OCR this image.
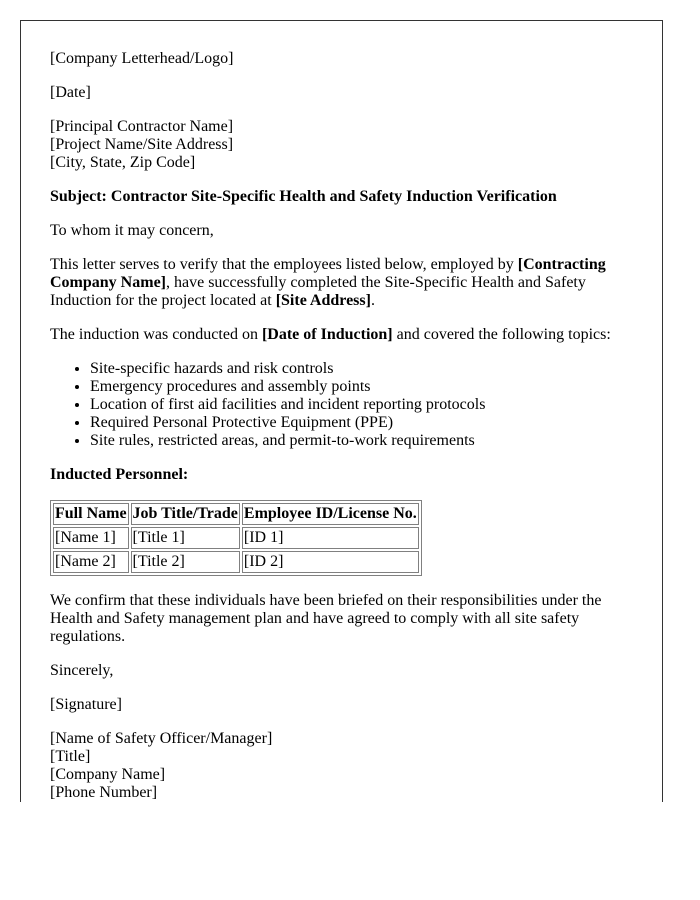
[Company Letterhead/Logo]

[Date]

[Principal Contractor Name]
[Project Name/Site Address]
[City, State, Zip Code]

Subject: Contractor Site-Specific Health and Safety Induction Verification

To whom it may concern,

This letter serves to verify that the employees listed below, employed by [Contracting Company Name], have successfully completed the Site-Specific Health and Safety Induction for the project located at [Site Address].

The induction was conducted on [Date of Induction] and covered the following topics:

• Site-specific hazards and risk controls
• Emergency procedures and assembly points
• Location of first aid facilities and incident reporting protocols
• Required Personal Protective Equipment (PPE)
• Site rules, restricted areas, and permit-to-work requirements

Inducted Personnel:

Full Name	Job Title/Trade	Employee ID/License No.
[Name 1]	[Title 1]	[ID 1]
[Name 2]	[Title 2]	[ID 2]

We confirm that these individuals have been briefed on their responsibilities under the Health and Safety management plan and have agreed to comply with all site safety regulations.

Sincerely,

[Signature]

[Name of Safety Officer/Manager]
[Title]
[Company Name]
[Phone Number]
